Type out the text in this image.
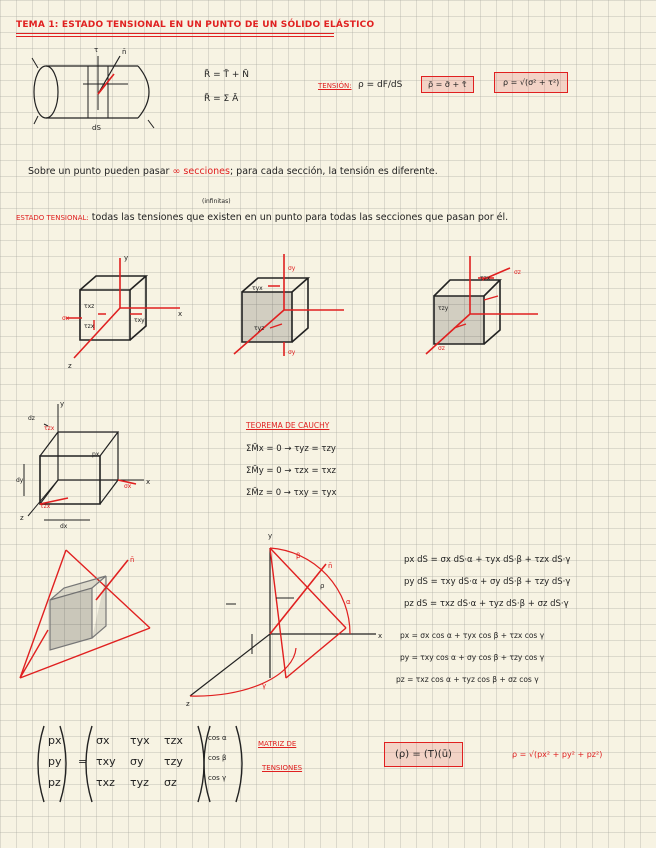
TEMA 1: ESTADO TENSIONAL EN UN PUNTO DE UN SÓLIDO ELÁSTICO
τ	n̄
dS
R̄ = T̄ + N̄
R̄ = Σ Ā
TENSIÓN: ρ = dF/dS	ρ̄ = σ̄ + τ̄	ρ = √(σ² + τ²)
Sobre un punto pueden pasar ∞ secciones; para cada sección, la tensión es diferente.
(infinitas)
ESTADO TENSIONAL: todas las tensiones que existen en un punto para todas las secciones que pasan por él.
y
x
z
σx	τxy
τxz
τzx
σy
τyx
σy
τyz
σz
τzx
τzy
σz
y
x
z
dz
dy
dx
τzx
px
σx
τzx
TEOREMA DE CAUCHY
ΣM̄x = 0 → τyz = τzy
ΣM̄y = 0 → τzx = τxz
ΣM̄z = 0 → τxy = τyx
n̄
y
x
z
n̄
α
β
γ
ρ
px dS = σx dS·α + τyx dS·β + τzx dS·γ
py dS = τxy dS·α + σy dS·β + τzy dS·γ
pz dS = τxz dS·α + τyz dS·β + σz dS·γ
px = σx cos α + τyx cos β + τzx cos γ
py = τxy cos α + σy cos β + τzy cos γ
pz = τxz cos α + τyz cos β + σz cos γ
px
py
pz
=
σx	τyx	τzx
τxy	σy	τzy
τxz	τyz	σz
cos α
cos β
cos γ
MATRIZ DE
TENSIONES
(ρ) = (T)(ū)	ρ = √(px² + py² + pz²)
